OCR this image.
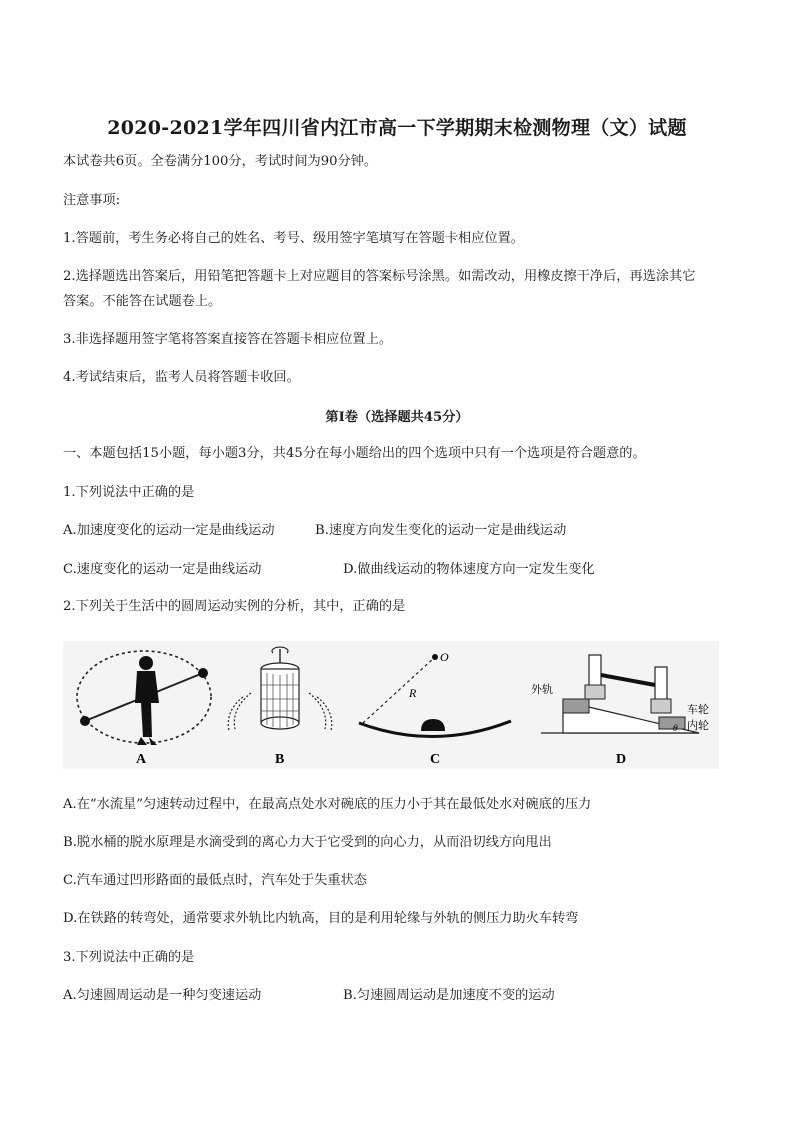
2020-2021学年四川省内江市高一下学期期末检测物理（文）试题
本试卷共6页。全卷满分100分，考试时间为90分钟。
注意事项:
1.答题前，考生务必将自己的姓名、考号、级用签字笔填写在答题卡相应位置。
2.选择题选出答案后，用铅笔把答题卡上对应题目的答案标号涂黑。如需改动，用橡皮擦干净后，再选涂其它
答案。不能答在试题卷上。
3.非选择题用签字笔将答案直接答在答题卡相应位置上。
4.考试结束后，监考人员将答题卡收回。
第Ⅰ卷（选择题共45分）
一、本题包括15小题，每小题3分，共45分在每小题给出的四个选项中只有一个选项是符合题意的。
1.下列说法中正确的是
A.加速度变化的运动一定是曲线运动	B.速度方向发生变化的运动一定是曲线运动
C.速度变化的运动一定是曲线运动	D.做曲线运动的物体速度方向一定发生变化
2.下列关于生活中的圆周运动实例的分析，其中，正确的是
O
R	外轨
车轮
内轮
θ
A	B	C	D
A.在“水流星”匀速转动过程中，在最高点处水对碗底的压力小于其在最低处水对碗底的压力
B.脱水桶的脱水原理是水滴受到的离心力大于它受到的向心力，从而沿切线方向甩出
C.汽车通过凹形路面的最低点时，汽车处于失重状态
D.在铁路的转弯处，通常要求外轨比内轨高，目的是利用轮缘与外轨的侧压力助火车转弯
3.下列说法中正确的是
A.匀速圆周运动是一种匀变速运动	B.匀速圆周运动是加速度不变的运动
